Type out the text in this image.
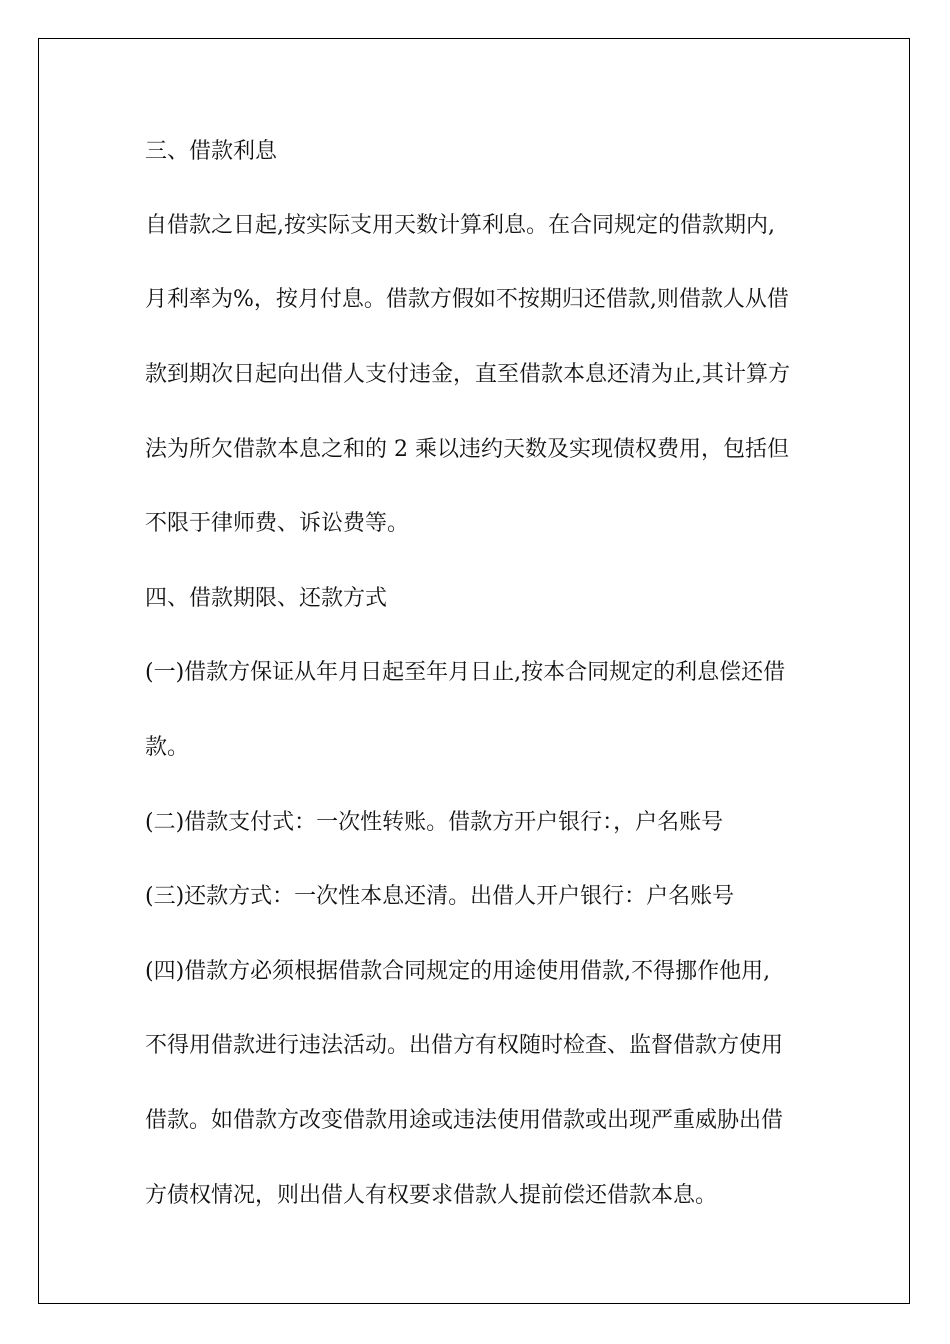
三、借款利息

自借款之日起,按实际支用天数计算利息。在合同规定的借款期内,

月利率为%，按月付息。借款方假如不按期归还借款,则借款人从借

款到期次日起向出借人支付违金，直至借款本息还清为止,其计算方

法为所欠借款本息之和的 2 乘以违约天数及实现债权费用，包括但

不限于律师费、诉讼费等。

四、借款期限、还款方式

(一)借款方保证从年月日起至年月日止,按本合同规定的利息偿还借

款。

(二)借款支付式：一次性转账。借款方开户银行：，户名账号

(三)还款方式：一次性本息还清。出借人开户银行：户名账号

(四)借款方必须根据借款合同规定的用途使用借款,不得挪作他用,

不得用借款进行违法活动。出借方有权随时检查、监督借款方使用

借款。如借款方改变借款用途或违法使用借款或出现严重威胁出借

方债权情况，则出借人有权要求借款人提前偿还借款本息。
